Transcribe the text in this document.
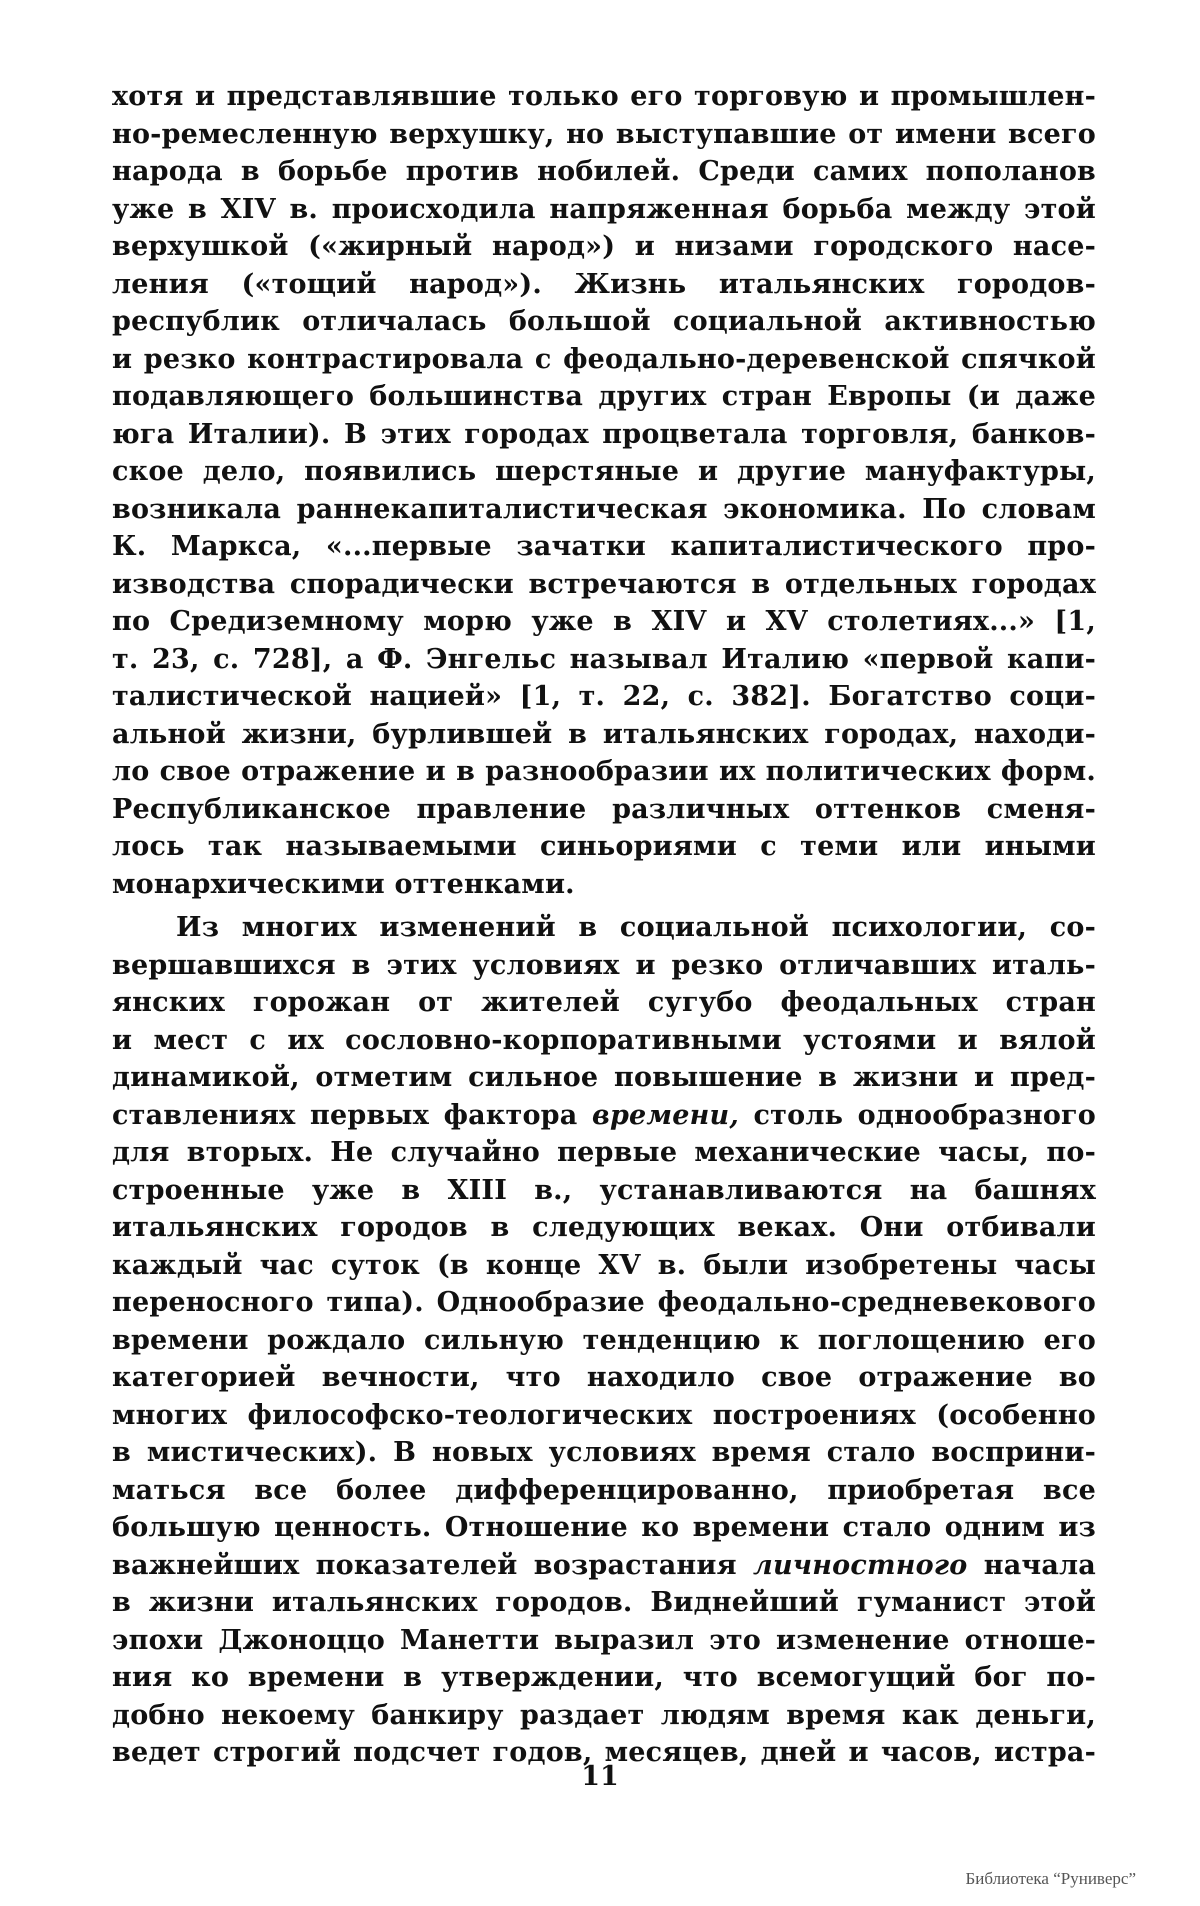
хотя и представлявшие только его торговую и промышлен-
но-ремесленную верхушку, но выступавшие от имени всего
народа в борьбе против нобилей. Среди самих пополанов
уже в XIV в. происходила напряженная борьба между этой
верхушкой («жирный народ») и низами городского насе-
ления («тощий народ»). Жизнь итальянских городов-
республик отличалась большой социальной активностью
и резко контрастировала с феодально-деревенской спячкой
подавляющего большинства других стран Европы (и даже
юга Италии). В этих городах процветала торговля, банков-
ское дело, появились шерстяные и другие мануфактуры,
возникала раннекапиталистическая экономика. По словам
К. Маркса, «...первые зачатки капиталистического про-
изводства спорадически встречаются в отдельных городах
по Средиземному морю уже в XIV и XV столетиях...» [1,
т. 23, с. 728], а Ф. Энгельс называл Италию «первой капи-
талистической нацией» [1, т. 22, с. 382]. Богатство соци-
альной жизни, бурлившей в итальянских городах, находи-
ло свое отражение и в разнообразии их политических форм.
Республиканское правление различных оттенков сменя-
лось так называемыми синьориями с теми или иными
монархическими оттенками.
Из многих изменений в социальной психологии, со-
вершавшихся в этих условиях и резко отличавших италь-
янских горожан от жителей сугубо феодальных стран
и мест с их сословно-корпоративными устоями и вялой
динамикой, отметим сильное повышение в жизни и пред-
ставлениях первых фактора времени, столь однообразного
для вторых. Не случайно первые механические часы, по-
строенные уже в XIII в., устанавливаются на башнях
итальянских городов в следующих веках. Они отбивали
каждый час суток (в конце XV в. были изобретены часы
переносного типа). Однообразие феодально-средневекового
времени рождало сильную тенденцию к поглощению его
категорией вечности, что находило свое отражение во
многих философско-теологических построениях (особенно
в мистических). В новых условиях время стало восприни-
маться все более дифференцированно, приобретая все
большую ценность. Отношение ко времени стало одним из
важнейших показателей возрастания личностного начала
в жизни итальянских городов. Виднейший гуманист этой
эпохи Джоноццо Манетти выразил это изменение отноше-
ния ко времени в утверждении, что всемогущий бог по-
добно некоему банкиру раздает людям время как деньги,
ведет строгий подсчет годов, месяцев, дней и часов, истра-
11
Библиотека “Руниверс”
